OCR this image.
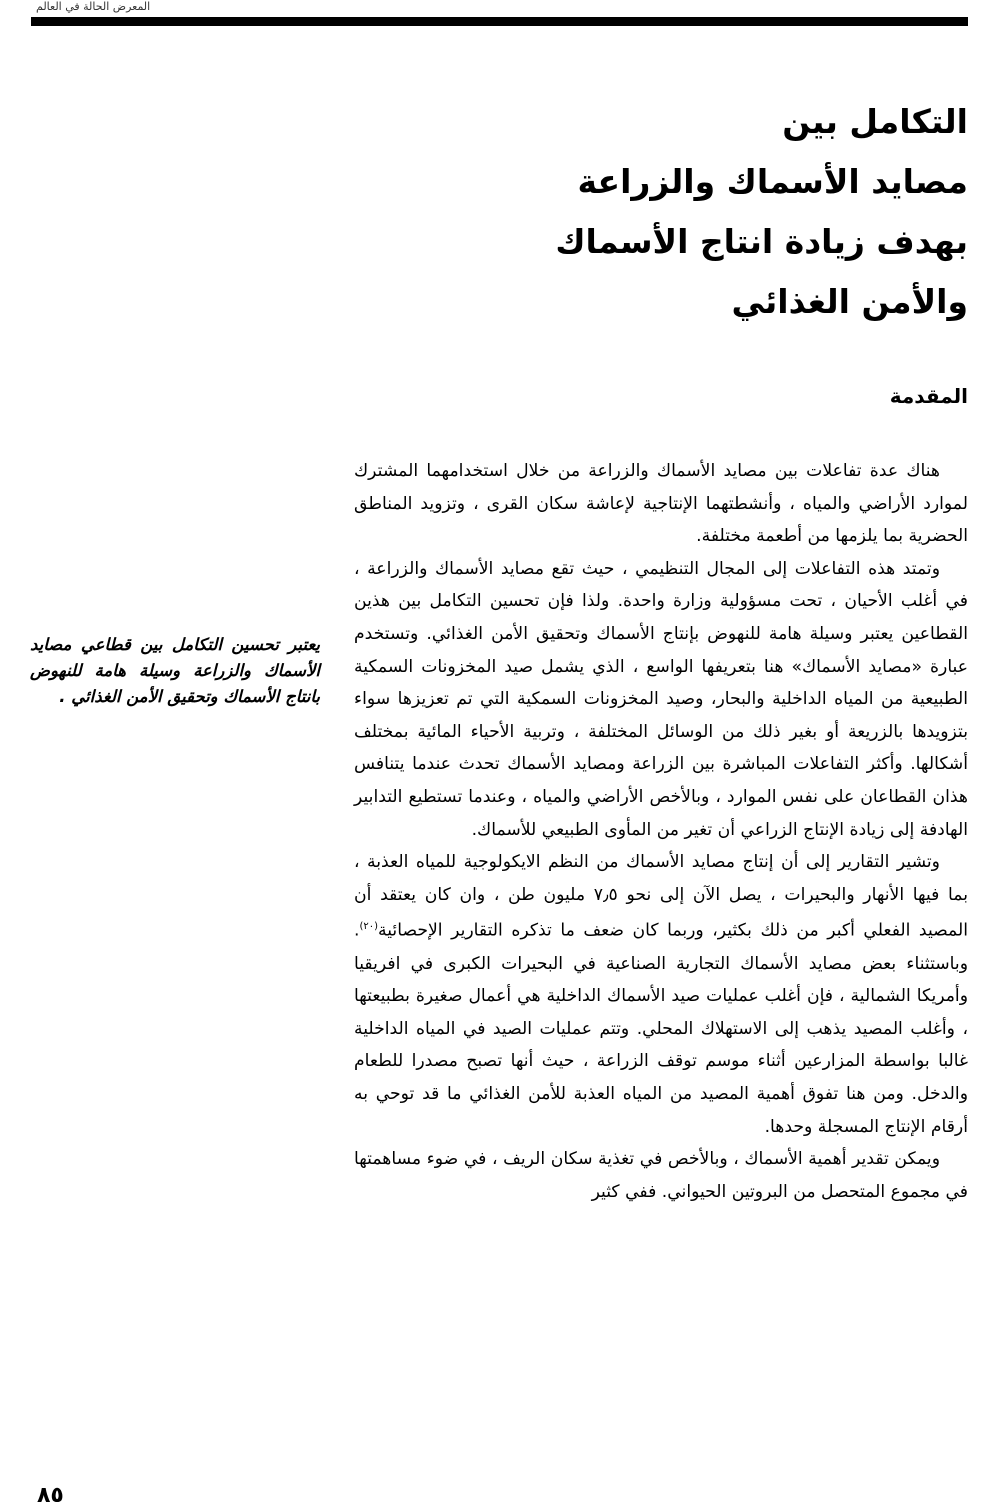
المعرض الحالة في العالم
التكامل بين
مصايد الأسماك والزراعة
بهدف زيادة انتاج الأسماك
والأمن الغذائي
المقدمة

هناك عدة تفاعلات بين مصايد الأسماك والزراعة من خلال استخدامهما المشترك لموارد الأراضي والمياه ، وأنشطتهما الإنتاجية لإعاشة سكان القرى ، وتزويد المناطق الحضرية بما يلزمها من أطعمة مختلفة.

وتمتد هذه التفاعلات إلى المجال التنظيمي ، حيث تقع مصايد الأسماك والزراعة ، في أغلب الأحيان ، تحت مسؤولية وزارة واحدة. ولذا فإن تحسين التكامل بين هذين القطاعين يعتبر وسيلة هامة للنهوض بإنتاج الأسماك وتحقيق الأمن الغذائي. وتستخدم عبارة «مصايد الأسماك» هنا بتعريفها الواسع ، الذي يشمل صيد المخزونات السمكية الطبيعية من المياه الداخلية والبحار، وصيد المخزونات السمكية التي تم تعزيزها سواء بتزويدها بالزريعة أو بغير ذلك من الوسائل المختلفة ، وتربية الأحياء المائية بمختلف أشكالها. وأكثر التفاعلات المباشرة بين الزراعة ومصايد الأسماك تحدث عندما يتنافس هذان القطاعان على نفس الموارد ، وبالأخص الأراضي والمياه ، وعندما تستطيع التدابير الهادفة إلى زيادة الإنتاج الزراعي أن تغير من المأوى الطبيعي للأسماك.

وتشير التقارير إلى أن إنتاج مصايد الأسماك من النظم الايكولوجية للمياه العذبة ، بما فيها الأنهار والبحيرات ، يصل الآن إلى نحو ٧٫٥ مليون طن ، وان كان يعتقد أن المصيد الفعلي أكبر من ذلك بكثير، وربما كان ضعف ما تذكره التقارير الإحصائية$^{(٢٠)}$. وباستثناء بعض مصايد الأسماك التجارية الصناعية في البحيرات الكبرى في افريقيا وأمريكا الشمالية ، فإن أغلب عمليات صيد الأسماك الداخلية هي أعمال صغيرة بطبيعتها ، وأغلب المصيد يذهب إلى الاستهلاك المحلي. وتتم عمليات الصيد في المياه الداخلية غالبا بواسطة المزارعين أثناء موسم توقف الزراعة ، حيث أنها تصبح مصدرا للطعام والدخل. ومن هنا تفوق أهمية المصيد من المياه العذبة للأمن الغذائي ما قد توحي به أرقام الإنتاج المسجلة وحدها.

ويمكن تقدير أهمية الأسماك ، وبالأخص في تغذية سكان الريف ، في ضوء مساهمتها في مجموع المتحصل من البروتين الحيواني. ففي كثير

يعتبر تحسين التكامل بين قطاعي مصايد الأسماك والزراعة وسيلة هامة للنهوض بانتاج الأسماك وتحقيق الأمن الغذائي .
٨٥
